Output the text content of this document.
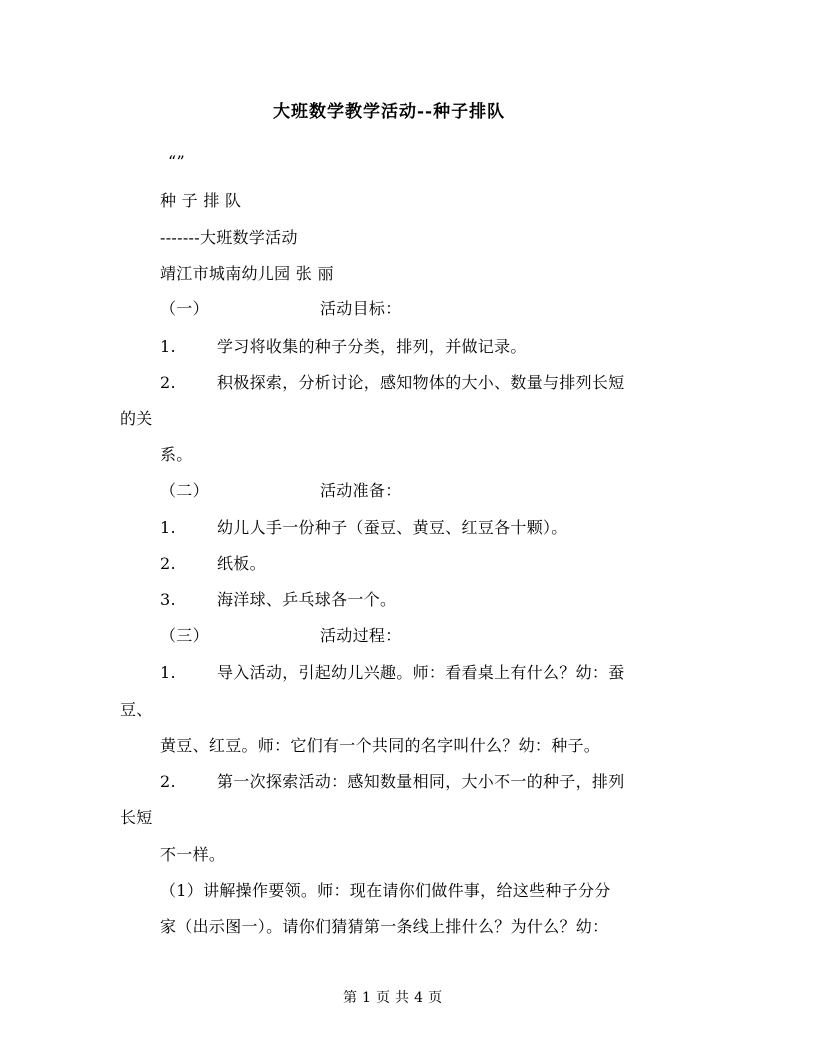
大班数学教学活动--种子排队
“”
种 子 排 队
-------大班数学活动
靖江市城南幼儿园 张 丽
（一）	活动目标：
1.	学习将收集的种子分类，排列，并做记录。
2.	积极探索，分析讨论，感知物体的大小、数量与排列长短
的关
系。
（二）	活动准备：
1.	幼儿人手一份种子（蚕豆、黄豆、红豆各十颗）。
2.	纸板。
3.	海洋球、乒乓球各一个。
（三）	活动过程：
1.	导入活动，引起幼儿兴趣。师：看看桌上有什么？幼：蚕
豆、
黄豆、红豆。师：它们有一个共同的名字叫什么？幼：种子。
2.	第一次探索活动：感知数量相同，大小不一的种子，排列
长短
不一样。
（1）讲解操作要领。师：现在请你们做件事，给这些种子分分
家（出示图一）。请你们猜猜第一条线上排什么？为什么？幼：
第 1 页 共 4 页
